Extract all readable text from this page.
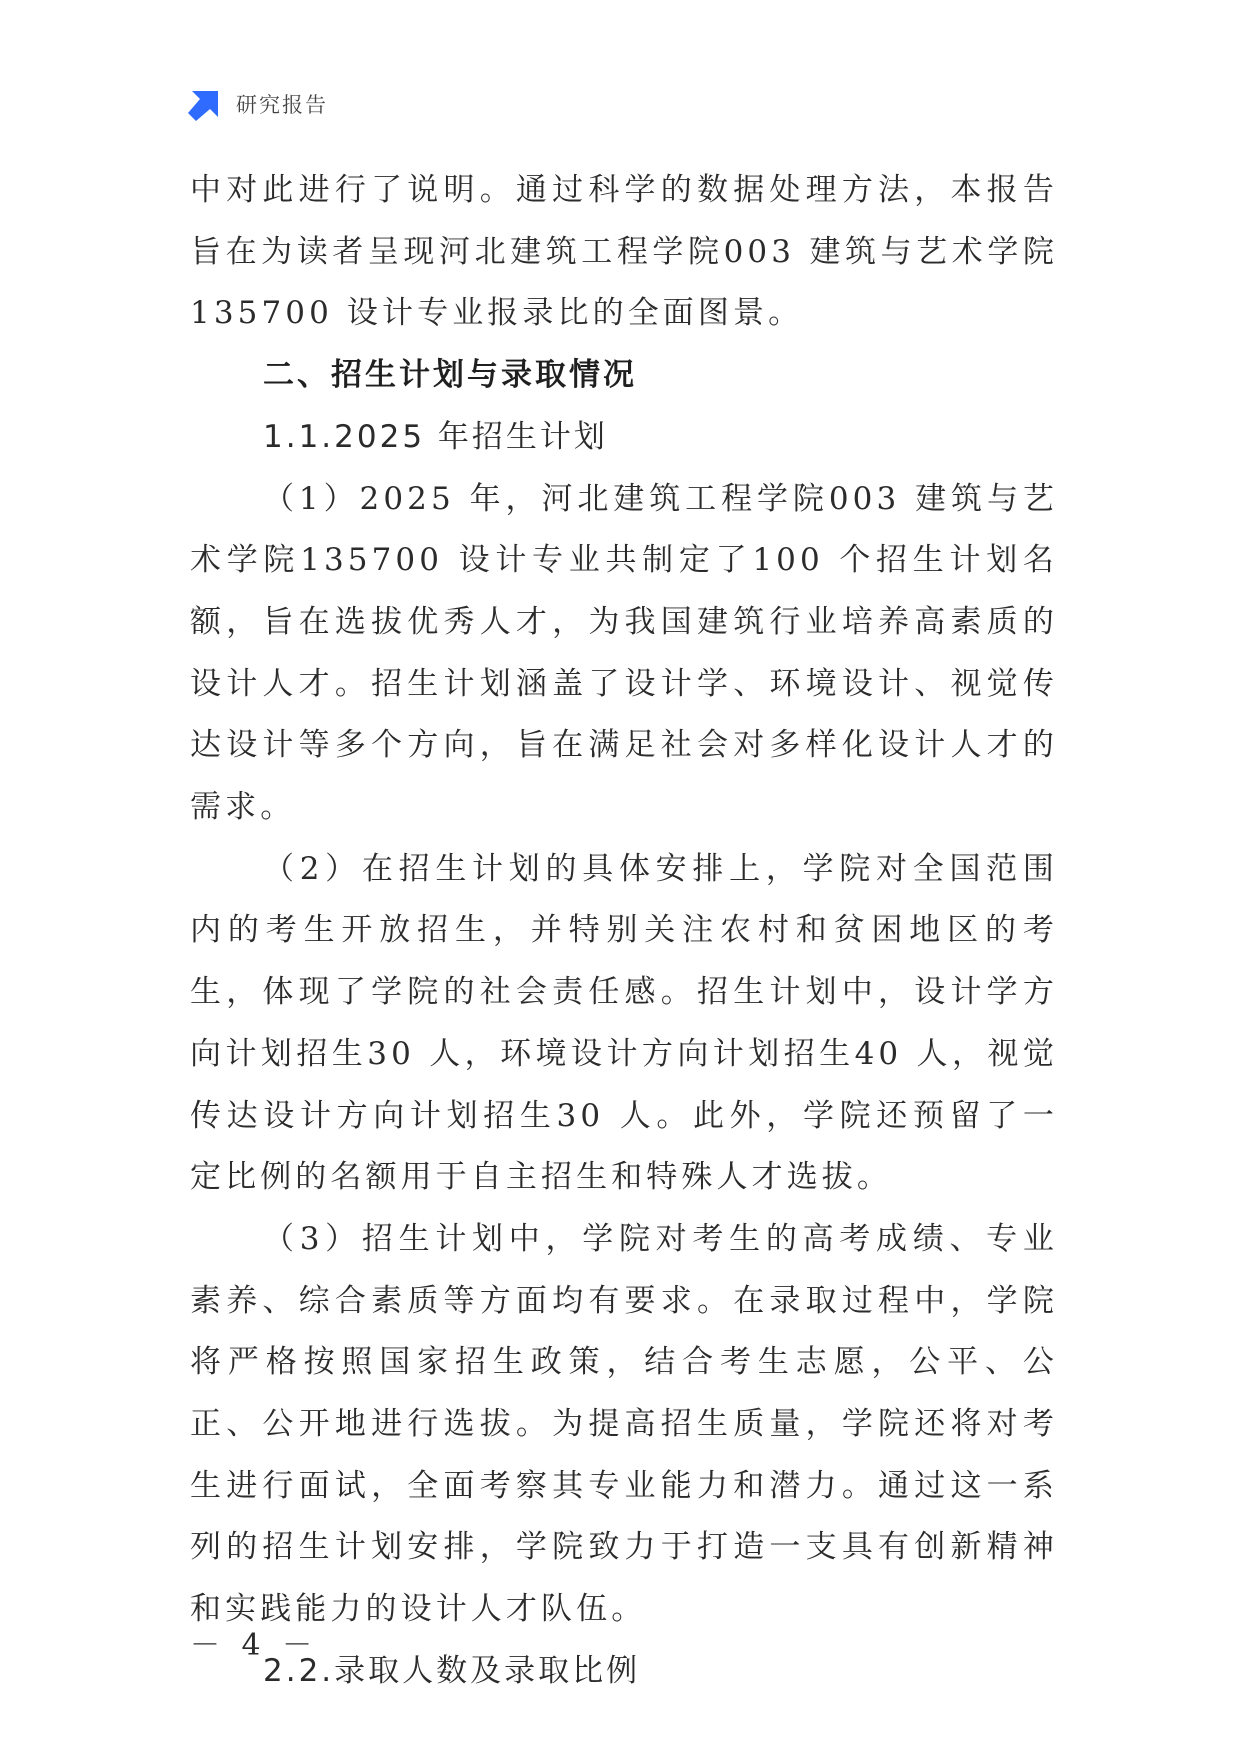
研究报告

中对此进行了说明。通过科学的数据处理方法，本报告旨在为读者呈现河北建筑工程学院003 建筑与艺术学院135700 设计专业报录比的全面图景。

二、招生计划与录取情况

1.1.2025 年招生计划

（1）2025 年，河北建筑工程学院003 建筑与艺术学院135700 设计专业共制定了100 个招生计划名额，旨在选拔优秀人才，为我国建筑行业培养高素质的设计人才。招生计划涵盖了设计学、环境设计、视觉传达设计等多个方向，旨在满足社会对多样化设计人才的需求。

（2）在招生计划的具体安排上，学院对全国范围内的考生开放招生，并特别关注农村和贫困地区的考生，体现了学院的社会责任感。招生计划中，设计学方向计划招生30 人，环境设计方向计划招生40 人，视觉传达设计方向计划招生30 人。此外，学院还预留了一定比例的名额用于自主招生和特殊人才选拔。

（3）招生计划中，学院对考生的高考成绩、专业素养、综合素质等方面均有要求。在录取过程中，学院将严格按照国家招生政策，结合考生志愿，公平、公正、公开地进行选拔。为提高招生质量，学院还将对考生进行面试，全面考察其专业能力和潜力。通过这一系列的招生计划安排，学院致力于打造一支具有创新精神和实践能力的设计人才队伍。

2.2.录取人数及录取比例

－ 4 －
